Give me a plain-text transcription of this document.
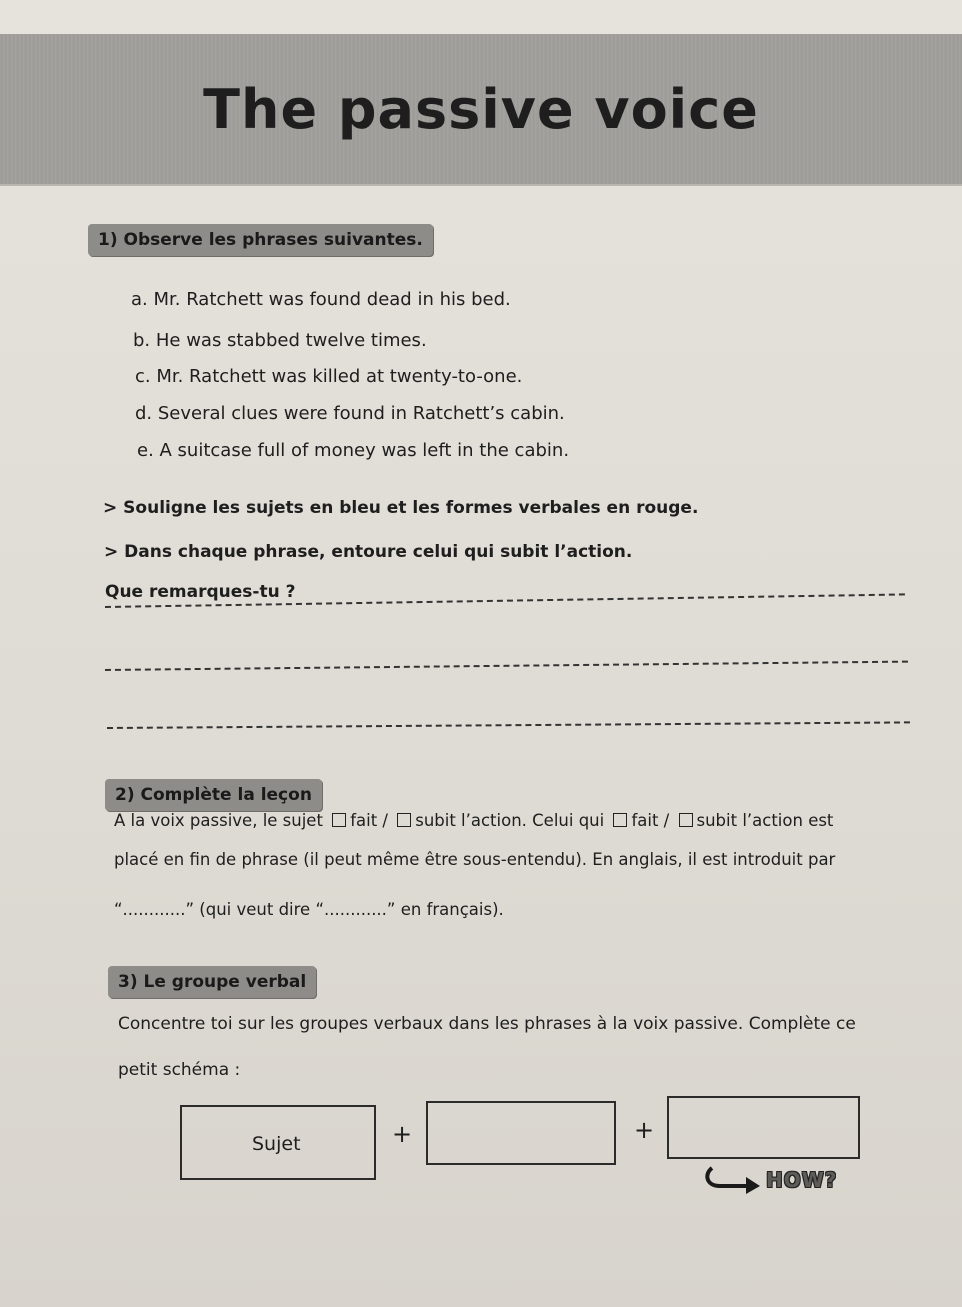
The passive voice
1) Observe les phrases suivantes.
a. Mr. Ratchett was found dead in his bed.
b. He was stabbed twelve times.
c. Mr. Ratchett was killed at twenty-to-one.
d. Several clues were found in Ratchett’s cabin.
e. A suitcase full of money was left in the cabin.
> Souligne les sujets en bleu et les formes verbales en rouge.
> Dans chaque phrase, entoure celui qui subit l’action.
Que remarques-tu ?
2) Complète la leçon
A la voix passive, le sujet fait / subit l’action. Celui qui fait / subit l’action est
placé en fin de phrase (il peut même être sous-entendu). En anglais, il est introduit par
“............” (qui veut dire “............” en français).
3) Le groupe verbal
Concentre toi sur les groupes verbaux dans les phrases à la voix passive. Complète ce
petit schéma :
Sujet	+	+
HOW?
